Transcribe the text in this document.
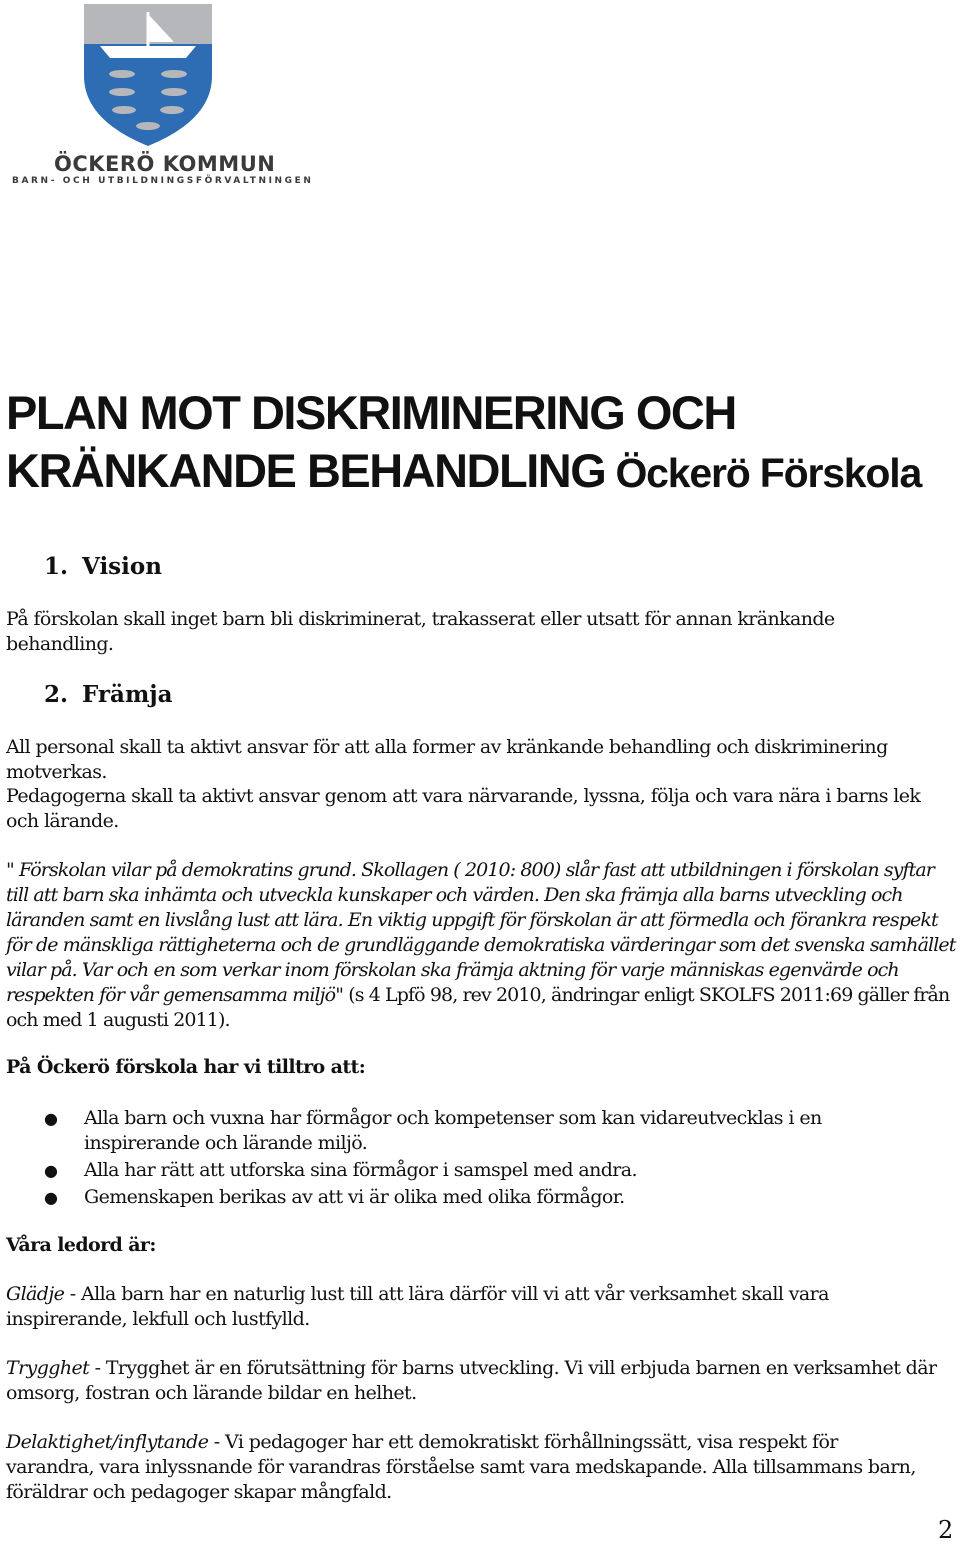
ÖCKERÖ KOMMUN
BARN- OCH UTBILDNINGSFÖRVALTNINGEN
PLAN MOT DISKRIMINERING OCH
KRÄNKANDE BEHANDLING Öckerö Förskola
1. Vision

På förskolan skall inget barn bli diskriminerat, trakasserat eller utsatt för annan kränkande behandling.

2. Främja

All personal skall ta aktivt ansvar för att alla former av kränkande behandling och diskriminering motverkas.

Pedagogerna skall ta aktivt ansvar genom att vara närvarande, lyssna, följa och vara nära i barns lek och lärande.

" Förskolan vilar på demokratins grund. Skollagen ( 2010: 800) slår fast att utbildningen i förskolan syftar till att barn ska inhämta och utveckla kunskaper och värden. Den ska främja alla barns utveckling och läranden samt en livslång lust att lära. En viktig uppgift för förskolan är att förmedla och förankra respekt för de mänskliga rättigheterna och de grundläggande demokratiska värderingar som det svenska samhället vilar på. Var och en som verkar inom förskolan ska främja aktning för varje människas egenvärde och respekten för vår gemensamma miljö" (s 4 Lpfö 98, rev 2010, ändringar enligt SKOLFS 2011:69 gäller från och med 1 augusti 2011).

På Öckerö förskola har vi tilltro att:

● Alla barn och vuxna har förmågor och kompetenser som kan vidareutvecklas i en inspirerande och lärande miljö.
● Alla har rätt att utforska sina förmågor i samspel med andra.
● Gemenskapen berikas av att vi är olika med olika förmågor.

Våra ledord är:

Glädje - Alla barn har en naturlig lust till att lära därför vill vi att vår verksamhet skall vara inspirerande, lekfull och lustfylld.

Trygghet - Trygghet är en förutsättning för barns utveckling. Vi vill erbjuda barnen en verksamhet där omsorg, fostran och lärande bildar en helhet.

Delaktighet/inflytande - Vi pedagoger har ett demokratiskt förhållningssätt, visa respekt för varandra, vara inlyssnande för varandras förståelse samt vara medskapande. Alla tillsammans barn, föräldrar och pedagoger skapar mångfald.

2
